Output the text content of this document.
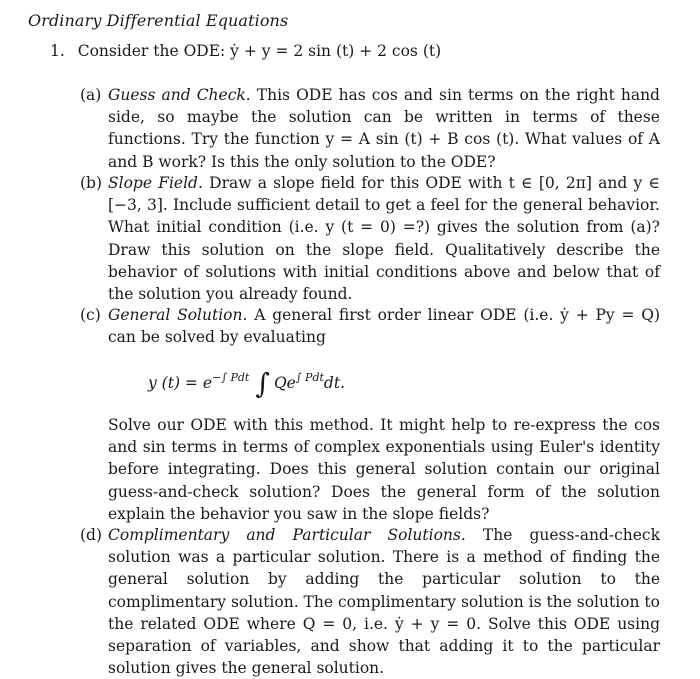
Ordinary Differential Equations
1. Consider the ODE: ẏ + y = 2 sin (t) + 2 cos (t)
(a) Guess and Check. This ODE has cos and sin terms on the right hand side, so maybe the solution can be written in terms of these functions. Try the function y = A sin (t) + B cos (t). What values of A and B work? Is this the only solution to the ODE?
(b) Slope Field. Draw a slope field for this ODE with t ∈ [0, 2π] and y ∈ [−3, 3]. Include sufficient detail to get a feel for the general behavior. What initial condition (i.e. y (t = 0) =?) gives the solution from (a)? Draw this solution on the slope field. Qualitatively describe the behavior of solutions with initial conditions above and below that of the solution you already found.
(c) General Solution. A general first order linear ODE (i.e. ẏ + Py = Q) can be solved by evaluating
y $(t) = e^{-\int Pdt}$ ∫ $Qe^{\int Pdt}dt$.
Solve our ODE with this method. It might help to re-express the cos and sin terms in terms of complex exponentials using Euler's identity before integrating. Does this general solution contain our original guess-and-check solution? Does the general form of the solution explain the behavior you saw in the slope fields?
(d) Complimentary and Particular Solutions. The guess-and-check solution was a particular solution. There is a method of finding the general solution by adding the particular solution to the complimentary solution. The complimentary solution is the solution to the related ODE where Q = 0, i.e. ẏ + y = 0. Solve this ODE using separation of variables, and show that adding it to the particular solution gives the general solution.
